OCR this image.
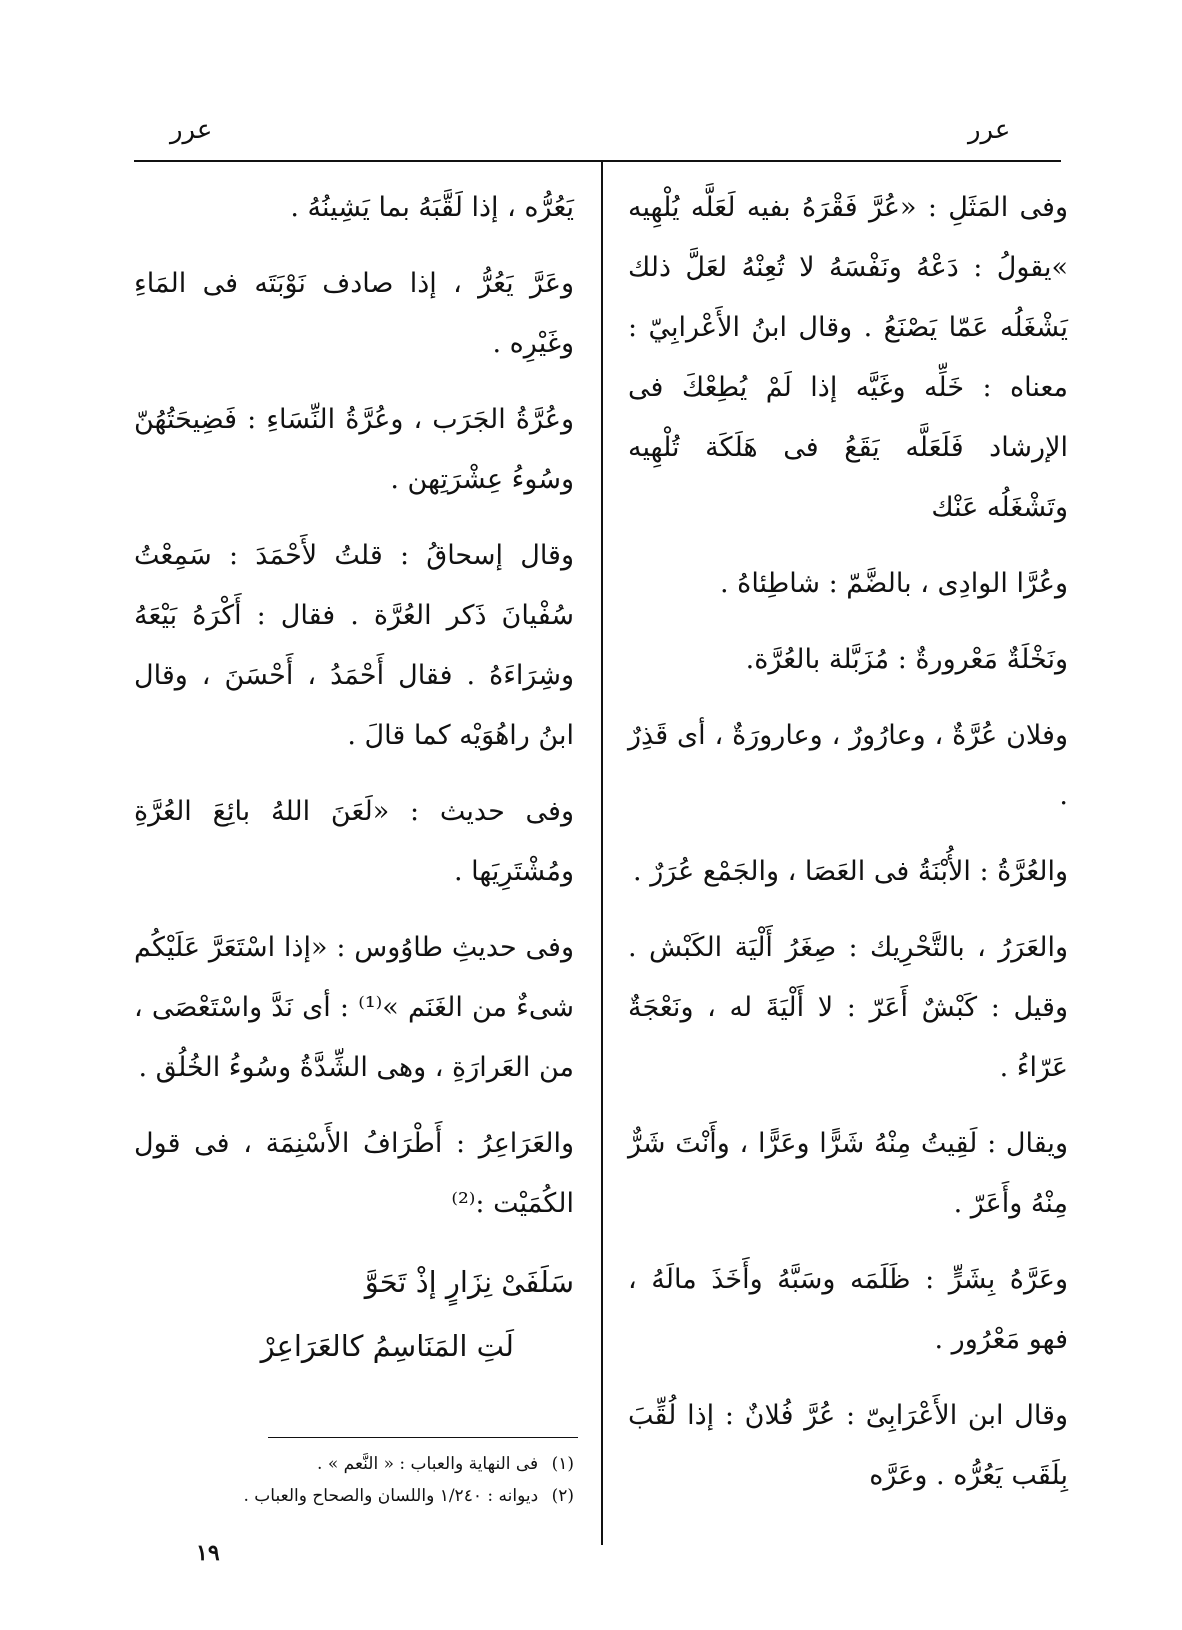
عرر
عرر

وفى المَثَلِ : «عُرَّ فَقْرَهُ بفيه لَعَلَّه يُلْهِيه »يقولُ : دَعْهُ ونَفْسَهُ لا تُعِنْهُ لعَلَّ ذلك يَشْغَلُه عَمّا يَصْنَعُ . وقال ابنُ الأَعْرابِيّ : معناه : خَلِّه وغَيَّه إذا لَمْ يُطِعْكَ فى الإرشاد فَلَعَلَّه يَقَعُ فى هَلَكَة تُلْهِيه وتَشْغَلُه عَنْك

وعُرَّا الوادِى ، بالضَّمّ : شاطِئاهُ .

ونَخْلَةٌ مَعْرورةٌ : مُزَبَّلة بالعُرَّة.

وفلان عُرَّةٌ ، وعارُورٌ ، وعارورَةٌ ، أى قَذِرٌ .

والعُرَّةُ : الأُبْنَةُ فى العَصَا ، والجَمْع عُرَرٌ .

والعَرَرُ ، بالتَّحْرِيك : صِغَرُ أَلْيَة الكَبْش . وقيل : كَبْشٌ أَعَرّ : لا أَلْيَةَ له ، ونَعْجَةٌ عَرّاءُ .

ويقال : لَقِيتُ مِنْهُ شَرًّا وعَرًّا ، وأَنْتَ شَرٌّ مِنْهُ وأَعَرّ .

وعَرَّهُ بِشَرٍّ : ظَلَمَه وسَبَّهُ وأَخَذَ مالَهُ ، فهو مَعْرُور .

وقال ابن الأَعْرَابِىّ : عُرَّ فُلانٌ : إذا لُقِّبَ بِلَقَب يَعُرُّه . وعَرَّه

يَعُرُّه ، إذا لَقَّبَهُ بما يَشِينُهُ .

وعَرَّ يَعُرُّ ، إذا صادف نَوْبَتَه فى المَاءِ وغَيْرِه .

وعُرَّةُ الجَرَب ، وعُرَّةُ النِّسَاءِ : فَضِيحَتُهُنّ وسُوءُ عِشْرَتِهن .

وقال إسحاقُ : قلتُ لأَحْمَدَ : سَمِعْتُ سُفْيانَ ذَكر العُرَّة . فقال : أَكْرَهُ بَيْعَهُ وشِرَاءَهُ . فقال أَحْمَدُ ، أَحْسَنَ ، وقال ابنُ راهُوَيْه كما قالَ .

وفى حديث : «لَعَنَ اللهُ بائِعَ العُرَّةِ ومُشْتَرِيَها .

وفى حديثِ طاوُوس : «إذا اسْتَعَرَّ عَلَيْكُم شىءٌ من الغَنَم »⁽¹⁾ : أى نَدَّ واسْتَعْصَى ، من العَرارَةِ ، وهى الشِّدَّةُ وسُوءُ الخُلُق .

والعَرَاعِرُ : أَطْرَافُ الأَسْنِمَة ، فى قول الكُمَيْت :⁽²⁾

سَلَفَىْ نِزَارٍ إذْ تَحَوَّ

لَتِ المَنَاسِمُ كالعَرَاعِرْ

(١) فى النهاية والعباب : « النَّعم » .

(٢) ديوانه : ١/٢٤٠ واللسان والصحاح والعباب .

١٩
